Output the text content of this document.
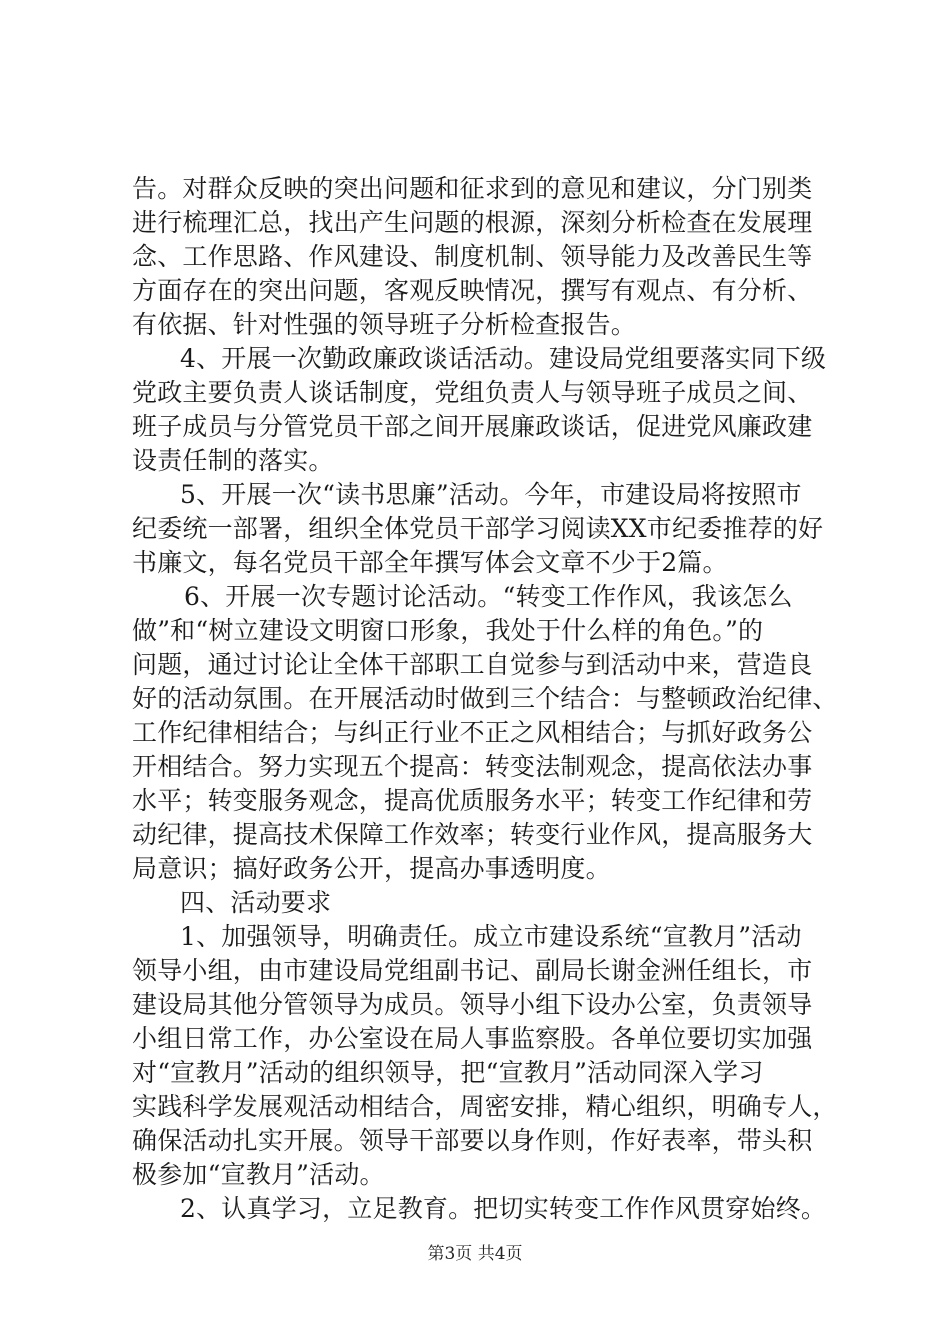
告。对群众反映的突出问题和征求到的意见和建议，分门别类
进行梳理汇总，找出产生问题的根源，深刻分析检查在发展理
念、工作思路、作风建设、制度机制、领导能力及改善民生等
方面存在的突出问题，客观反映情况，撰写有观点、有分析、
有依据、针对性强的领导班子分析检查报告。
4、开展一次勤政廉政谈话活动。建设局党组要落实同下级
党政主要负责人谈话制度，党组负责人与领导班子成员之间、
班子成员与分管党员干部之间开展廉政谈话，促进党风廉政建
设责任制的落实。
5、开展一次“读书思廉”活动。今年，市建设局将按照市
纪委统一部署，组织全体党员干部学习阅读XX市纪委推荐的好
书廉文，每名党员干部全年撰写体会文章不少于2篇。
6、开展一次专题讨论活动。“转变工作作风，我该怎么
做”和“树立建设文明窗口形象，我处于什么样的角色。”的
问题，通过讨论让全体干部职工自觉参与到活动中来，营造良
好的活动氛围。在开展活动时做到三个结合：与整顿政治纪律、
工作纪律相结合；与纠正行业不正之风相结合；与抓好政务公
开相结合。努力实现五个提高：转变法制观念，提高依法办事
水平；转变服务观念，提高优质服务水平；转变工作纪律和劳
动纪律，提高技术保障工作效率；转变行业作风，提高服务大
局意识；搞好政务公开，提高办事透明度。
四、活动要求
1、加强领导，明确责任。成立市建设系统“宣教月”活动
领导小组，由市建设局党组副书记、副局长谢金洲任组长，市
建设局其他分管领导为成员。领导小组下设办公室，负责领导
小组日常工作，办公室设在局人事监察股。各单位要切实加强
对“宣教月”活动的组织领导，把“宣教月”活动同深入学习
实践科学发展观活动相结合，周密安排，精心组织，明确专人，
确保活动扎实开展。领导干部要以身作则，作好表率，带头积
极参加“宣教月”活动。
2、认真学习，立足教育。把切实转变工作作风贯穿始终。
第3页 共4页
